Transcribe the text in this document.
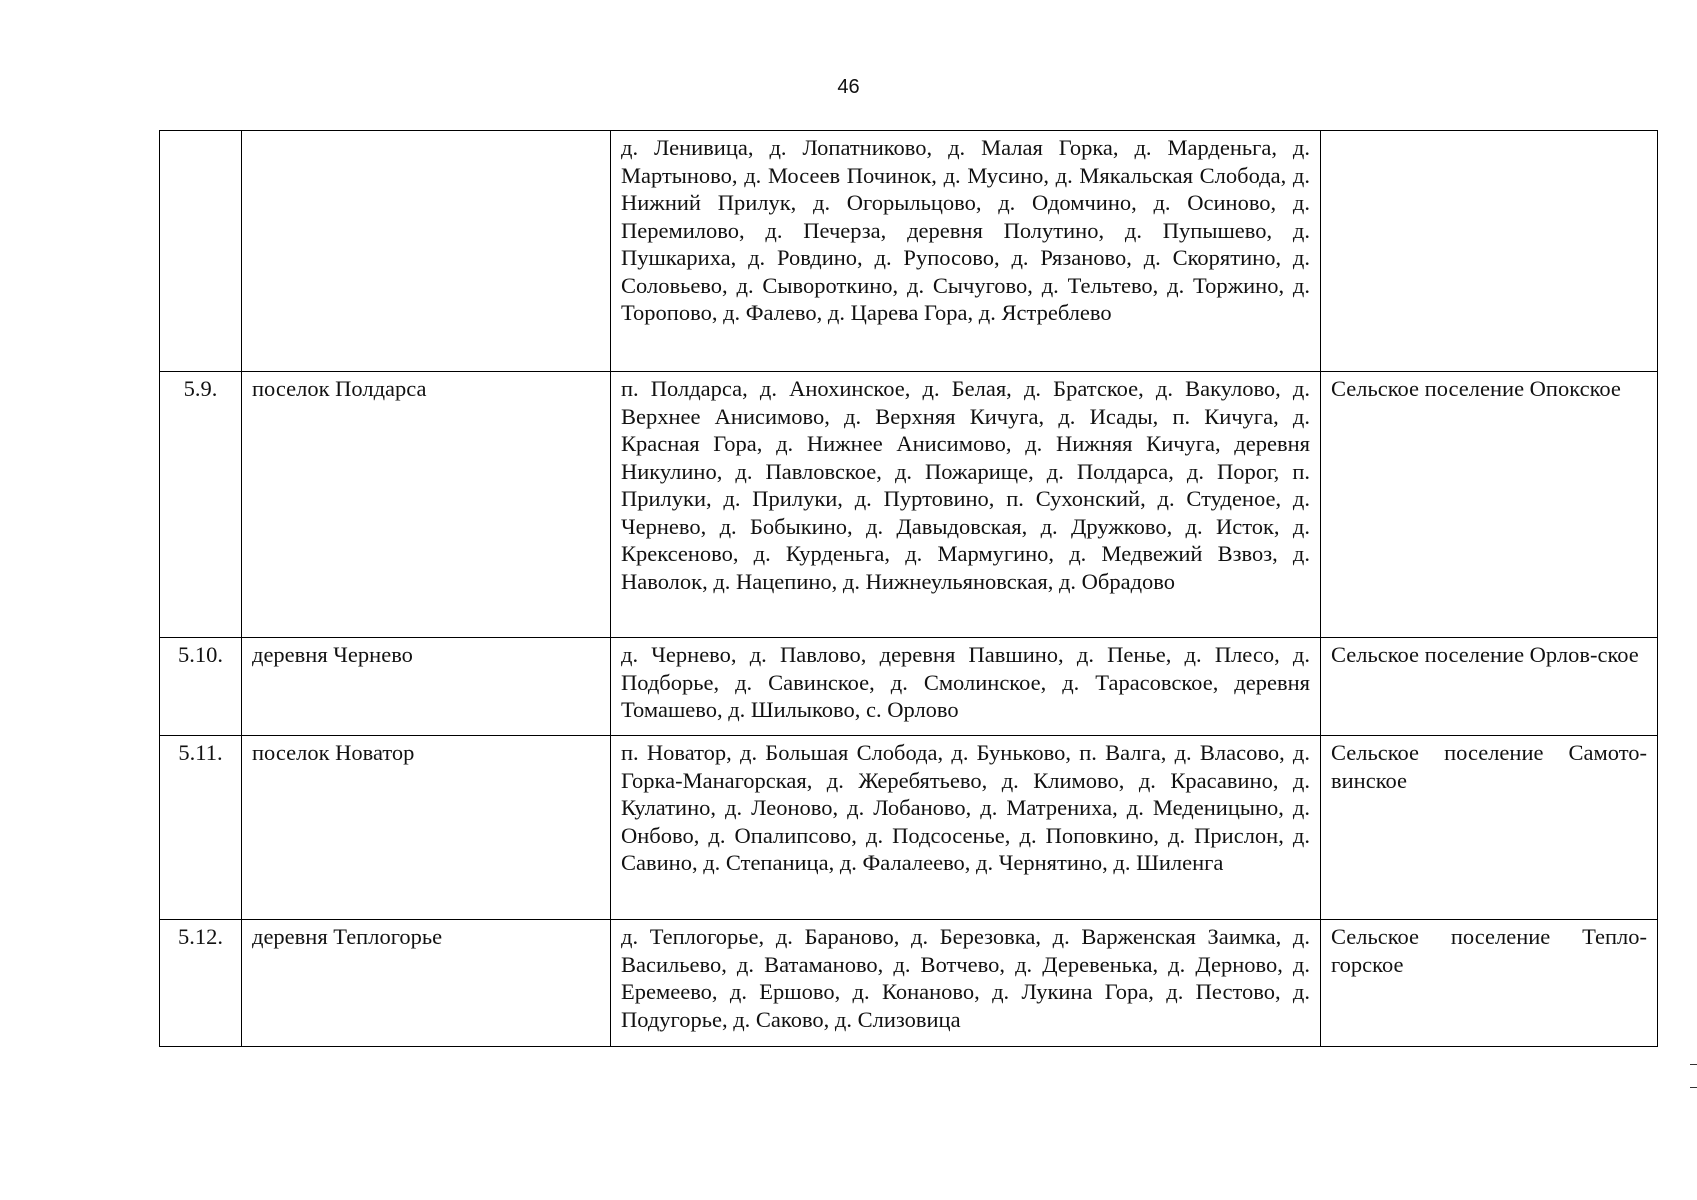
46
		д. Ленивица, д. Лопатниково, д. Малая Горка, д. Марденьга, д. Мартыново, д. Мосеев Починок, д. Мусино, д. Мякальская Слобода, д. Нижний Прилук, д. Огорыльцово, д. Одомчино, д. Осиново, д. Перемилово, д. Печерза, деревня Полутино, д. Пупышево, д. Пушкариха, д. Ровдино, д. Рупосово, д. Рязаново, д. Скорятино, д. Соловьево, д. Сывороткино, д. Сычугово, д. Тельтево, д. Торжино, д. Торопово, д. Фалево, д. Царева Гора, д. Ястреблево	
5.9.	поселок Полдарса	п. Полдарса, д. Анохинское, д. Белая, д. Братское, д. Вакулово, д. Верхнее Анисимово, д. Верхняя Кичуга, д. Исады, п. Кичуга, д. Красная Гора, д. Нижнее Анисимово, д. Нижняя Кичуга, деревня Никулино, д. Павловское, д. Пожарище, д. Полдарса, д. Порог, п. Прилуки, д. Прилуки, д. Пуртовино, п. Сухонский, д. Студеное, д. Чернево, д. Бобыкино, д. Давыдовская, д. Дружково, д. Исток, д. Крексеново, д. Курденьга, д. Мармугино, д. Медвежий Взвоз, д. Наволок, д. Нацепино, д. Нижнеульяновская, д. Обрадово	Сельское поселение Опокское
5.10.	деревня Чернево	д. Чернево, д. Павлово, деревня Павшино, д. Пенье, д. Плесо, д. Подборье, д. Савинское, д. Смолинское, д. Тарасовское, деревня Томашево, д. Шилыково, с. Орлово	Сельское поселение Орлов-ское
5.11.	поселок Новатор	п. Новатор, д. Большая Слобода, д. Буньково, п. Валга, д. Власово, д. Горка-Манагорская, д. Жеребятьево, д. Климово, д. Красавино, д. Кулатино, д. Леоново, д. Лобаново, д. Матрениха, д. Меденицыно, д. Онбово, д. Опалипсово, д. Подсосенье, д. Поповкино, д. Прислон, д. Савино, д. Степаница, д. Фалалеево, д. Чернятино, д. Шиленга	Сельское поселение Самото-винское
5.12.	деревня Теплогорье	д. Теплогорье, д. Бараново, д. Березовка, д. Варженская Заимка, д. Васильево, д. Ватаманово, д. Вотчево, д. Деревенька, д. Дерново, д. Еремеево, д. Ершово, д. Конаново, д. Лукина Гора, д. Пестово, д. Подугорье, д. Саково, д. Слизовица	Сельское поселение Тепло-горское
